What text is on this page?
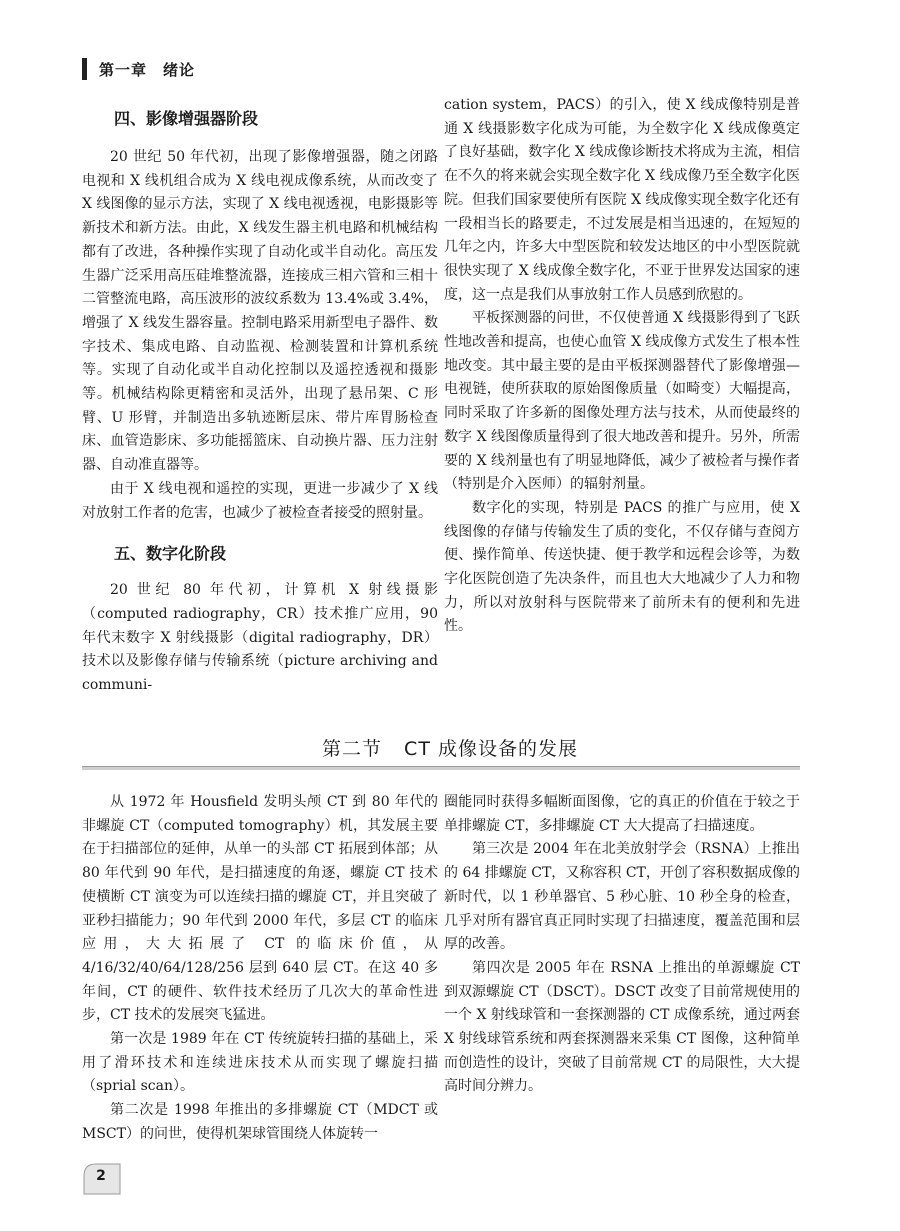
第一章　绪论
四、影像增强器阶段

20 世纪 50 年代初，出现了影像增强器，随之闭路电视和 X 线机组合成为 X 线电视成像系统，从而改变了 X 线图像的显示方法，实现了 X 线电视透视，电影摄影等新技术和新方法。由此，X 线发生器主机电路和机械结构都有了改进，各种操作实现了自动化或半自动化。高压发生器广泛采用高压硅堆整流器，连接成三相六管和三相十二管整流电路，高压波形的波纹系数为 13.4%或 3.4%，增强了 X 线发生器容量。控制电路采用新型电子器件、数字技术、集成电路、自动监视、检测装置和计算机系统等。实现了自动化或半自动化控制以及遥控透视和摄影等。机械结构除更精密和灵活外，出现了悬吊架、C 形臂、U 形臂，并制造出多轨迹断层床、带片库胃肠检查床、血管造影床、多功能摇篮床、自动换片器、压力注射器、自动准直器等。

由于 X 线电视和遥控的实现，更进一步减少了 X 线对放射工作者的危害，也减少了被检查者接受的照射量。

五、数字化阶段

20 世纪 80 年代初，计算机 X 射线摄影（computed radiography，CR）技术推广应用，90 年代末数字 X 射线摄影（digital radiography，DR）技术以及影像存储与传输系统（picture archiving and communi-

cation system，PACS）的引入，使 X 线成像特别是普通 X 线摄影数字化成为可能，为全数字化 X 线成像奠定了良好基础，数字化 X 线成像诊断技术将成为主流，相信在不久的将来就会实现全数字化 X 线成像乃至全数字化医院。但我们国家要使所有医院 X 线成像实现全数字化还有一段相当长的路要走，不过发展是相当迅速的，在短短的几年之内，许多大中型医院和较发达地区的中小型医院就很快实现了 X 线成像全数字化，不亚于世界发达国家的速度，这一点是我们从事放射工作人员感到欣慰的。

平板探测器的问世，不仅使普通 X 线摄影得到了飞跃性地改善和提高，也使心血管 X 线成像方式发生了根本性地改变。其中最主要的是由平板探测器替代了影像增强—电视链，使所获取的原始图像质量（如畸变）大幅提高，同时采取了许多新的图像处理方法与技术，从而使最终的数字 X 线图像质量得到了很大地改善和提升。另外，所需要的 X 线剂量也有了明显地降低，减少了被检者与操作者（特别是介入医师）的辐射剂量。

数字化的实现，特别是 PACS 的推广与应用，使 X 线图像的存储与传输发生了质的变化，不仅存储与查阅方便、操作简单、传送快捷、便于教学和远程会诊等，为数字化医院创造了先决条件，而且也大大地减少了人力和物力，所以对放射科与医院带来了前所未有的便利和先进性。

第二节 CT 成像设备的发展

从 1972 年 Housfield 发明头颅 CT 到 80 年代的非螺旋 CT（computed tomography）机，其发展主要在于扫描部位的延伸，从单一的头部 CT 拓展到体部；从 80 年代到 90 年代，是扫描速度的角逐，螺旋 CT 技术使横断 CT 演变为可以连续扫描的螺旋 CT，并且突破了亚秒扫描能力；90 年代到 2000 年代，多层 CT 的临床应用，大大拓展了 CT 的临床价值，从 4/16/32/40/64/128/256 层到 640 层 CT。在这 40 多年间，CT 的硬件、软件技术经历了几次大的革命性进步，CT 技术的发展突飞猛进。

第一次是 1989 年在 CT 传统旋转扫描的基础上，采用了滑环技术和连续进床技术从而实现了螺旋扫描（sprial scan）。

第二次是 1998 年推出的多排螺旋 CT（MDCT 或 MSCT）的问世，使得机架球管围绕人体旋转一

圈能同时获得多幅断面图像，它的真正的价值在于较之于单排螺旋 CT，多排螺旋 CT 大大提高了扫描速度。

第三次是 2004 年在北美放射学会（RSNA）上推出的 64 排螺旋 CT，又称容积 CT，开创了容积数据成像的新时代，以 1 秒单器官、5 秒心脏、10 秒全身的检查，几乎对所有器官真正同时实现了扫描速度，覆盖范围和层厚的改善。

第四次是 2005 年在 RSNA 上推出的单源螺旋 CT 到双源螺旋 CT（DSCT）。DSCT 改变了目前常规使用的一个 X 射线球管和一套探测器的 CT 成像系统，通过两套 X 射线球管系统和两套探测器来采集 CT 图像，这种简单而创造性的设计，突破了目前常规 CT 的局限性，大大提高时间分辨力。

2
